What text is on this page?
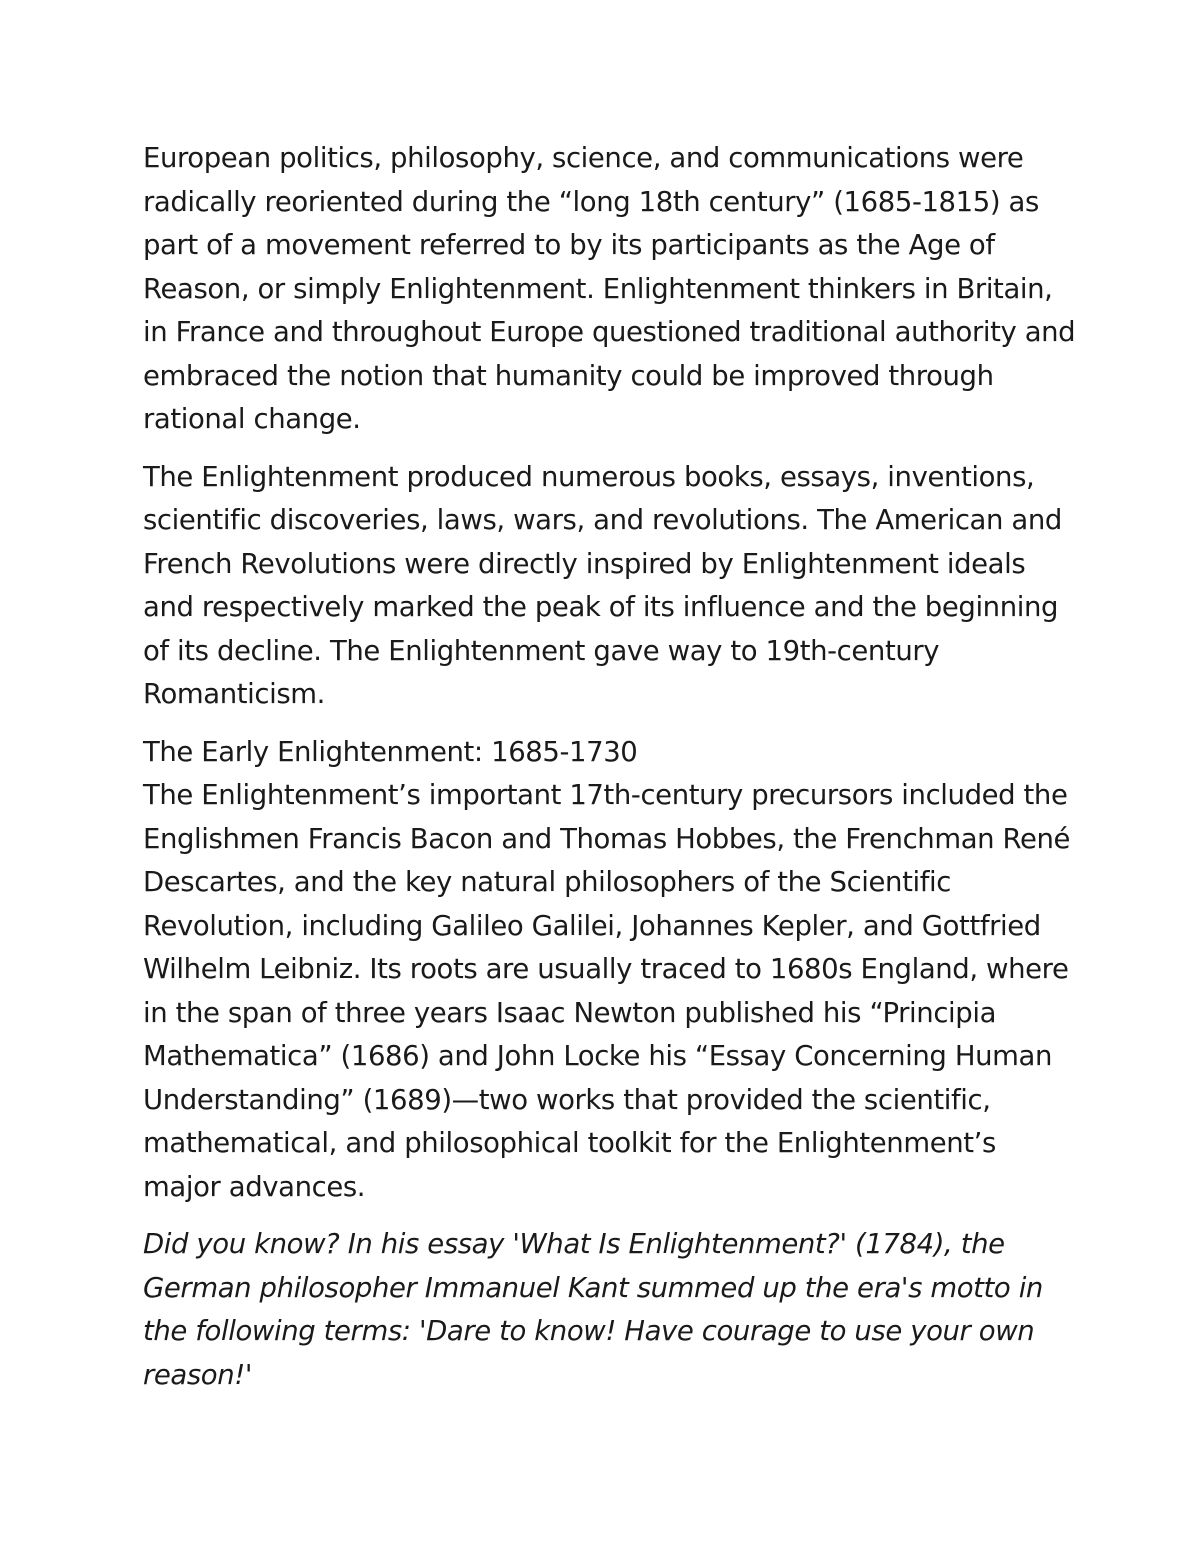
European politics, philosophy, science, and communications were radically reoriented during the “long 18th century” (1685-1815) as part of a movement referred to by its participants as the Age of Reason, or simply Enlightenment. Enlightenment thinkers in Britain, in France and throughout Europe questioned traditional authority and embraced the notion that humanity could be improved through rational change.

The Enlightenment produced numerous books, essays, inventions, scientific discoveries, laws, wars, and revolutions. The American and French Revolutions were directly inspired by Enlightenment ideals and respectively marked the peak of its influence and the beginning of its decline. The Enlightenment gave way to 19th-century Romanticism.

The Early Enlightenment: 1685-1730

The Enlightenment’s important 17th-century precursors included the Englishmen Francis Bacon and Thomas Hobbes, the Frenchman René Descartes, and the key natural philosophers of the Scientific Revolution, including Galileo Galilei, Johannes Kepler, and Gottfried Wilhelm Leibniz. Its roots are usually traced to 1680s England, where in the span of three years Isaac Newton published his “Principia Mathematica” (1686) and John Locke his “Essay Concerning Human Understanding” (1689)—two works that provided the scientific, mathematical, and philosophical toolkit for the Enlightenment’s major advances.

Did you know? In his essay 'What Is Enlightenment?' (1784), the German philosopher Immanuel Kant summed up the era's motto in the following terms: 'Dare to know! Have courage to use your own reason!'
